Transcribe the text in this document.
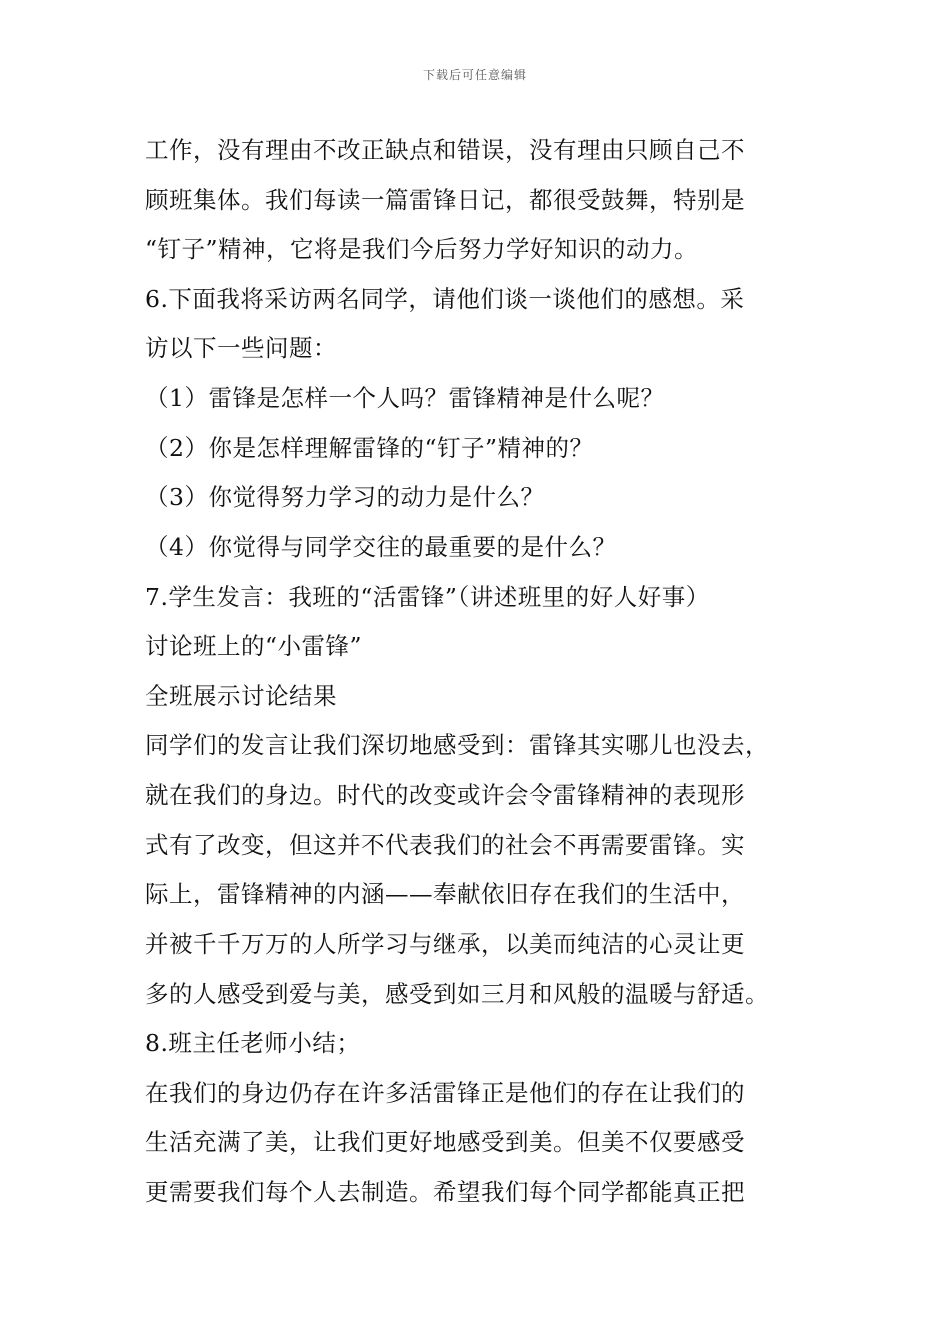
下载后可任意编辑
工作，没有理由不改正缺点和错误，没有理由只顾自己不
顾班集体。我们每读一篇雷锋日记，都很受鼓舞，特别是
“钉子”精神，它将是我们今后努力学好知识的动力。
6.下面我将采访两名同学，请他们谈一谈他们的感想。采
访以下一些问题：
（1）雷锋是怎样一个人吗？雷锋精神是什么呢？
（2）你是怎样理解雷锋的“钉子”精神的？
（3）你觉得努力学习的动力是什么？
（4）你觉得与同学交往的最重要的是什么？
7.学生发言：我班的“活雷锋”（讲述班里的好人好事）
讨论班上的“小雷锋”
全班展示讨论结果
同学们的发言让我们深切地感受到：雷锋其实哪儿也没去，
就在我们的身边。时代的改变或许会令雷锋精神的表现形
式有了改变，但这并不代表我们的社会不再需要雷锋。实
际上，雷锋精神的内涵——奉献依旧存在我们的生活中，
并被千千万万的人所学习与继承，以美而纯洁的心灵让更
多的人感受到爱与美，感受到如三月和风般的温暖与舒适。
8.班主任老师小结；
在我们的身边仍存在许多活雷锋正是他们的存在让我们的
生活充满了美，让我们更好地感受到美。但美不仅要感受
更需要我们每个人去制造。希望我们每个同学都能真正把
